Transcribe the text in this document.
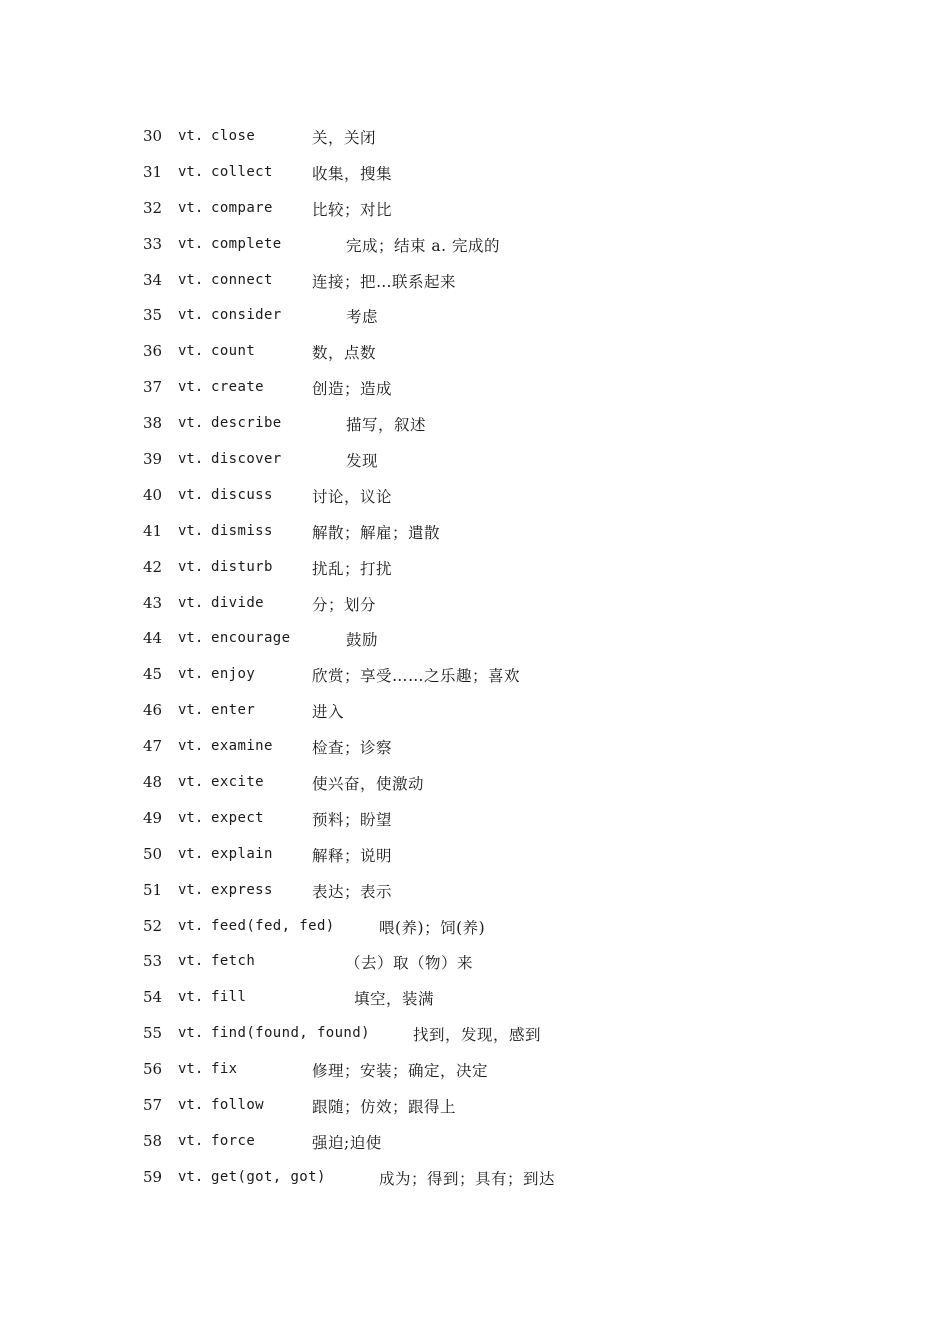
30 vt. close	关，关闭
31 vt. collect	收集，搜集
32 vt. compare	比较；对比
33 vt. complete	完成；结束 a. 完成的
34 vt. connect	连接；把…联系起来
35 vt. consider	考虑
36 vt. count	数，点数
37 vt. create	创造；造成
38 vt. describe	描写，叙述
39 vt. discover	发现
40 vt. discuss	讨论，议论
41 vt. dismiss	解散；解雇；遣散
42 vt. disturb	扰乱；打扰
43 vt. divide	分；划分
44 vt. encourage	鼓励
45 vt. enjoy	欣赏；享受……之乐趣；喜欢
46 vt. enter	进入
47 vt. examine	检查；诊察
48 vt. excite	使兴奋，使激动
49 vt. expect	预料；盼望
50 vt. explain	解释；说明
51 vt. express	表达；表示
52 vt. feed(fed, fed)	喂(养)；饲(养)
53 vt. fetch	（去）取（物）来
54 vt. fill	填空，装满
55 vt. find(found, found)	找到，发现，感到
56 vt. fix	修理；安装；确定，决定
57 vt. follow	跟随；仿效；跟得上
58 vt. force	强迫;迫使
59 vt. get(got, got)	成为；得到；具有；到达
